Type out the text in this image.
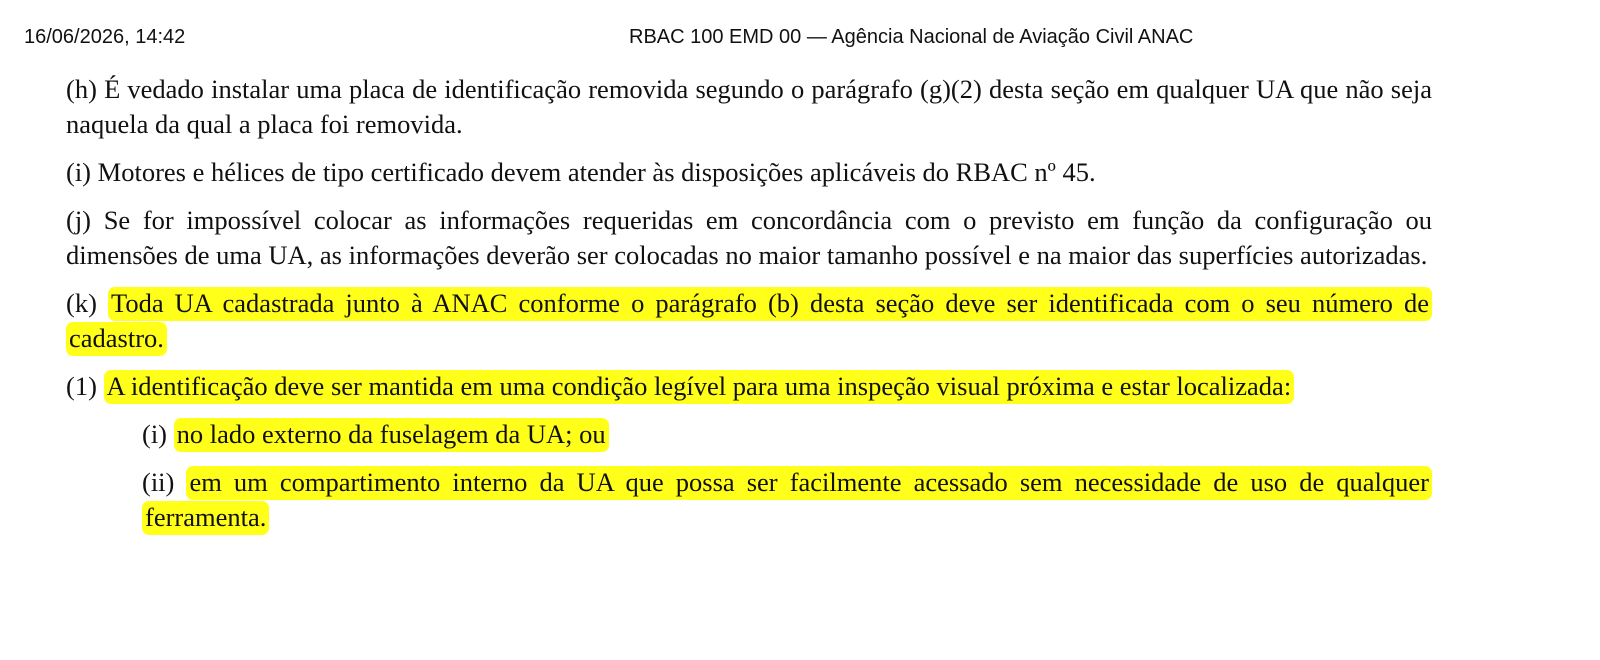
16/06/2026, 14:42	RBAC 100 EMD 00 — Agência Nacional de Aviação Civil ANAC

(h) É vedado instalar uma placa de identificação removida segundo o parágrafo (g)(2) desta seção em qualquer UA que não seja naquela da qual a placa foi removida.

(i) Motores e hélices de tipo certificado devem atender às disposições aplicáveis do RBAC nº 45.

(j) Se for impossível colocar as informações requeridas em concordância com o previsto em função da configuração ou dimensões de uma UA, as informações deverão ser colocadas no maior tamanho possível e na maior das superfícies autorizadas.

(k) Toda UA cadastrada junto à ANAC conforme o parágrafo (b) desta seção deve ser identificada com o seu número de cadastro.

(1) A identificação deve ser mantida em uma condição legível para uma inspeção visual próxima e estar localizada:

(i) no lado externo da fuselagem da UA; ou

(ii) em um compartimento interno da UA que possa ser facilmente acessado sem necessidade de uso de qualquer ferramenta.
